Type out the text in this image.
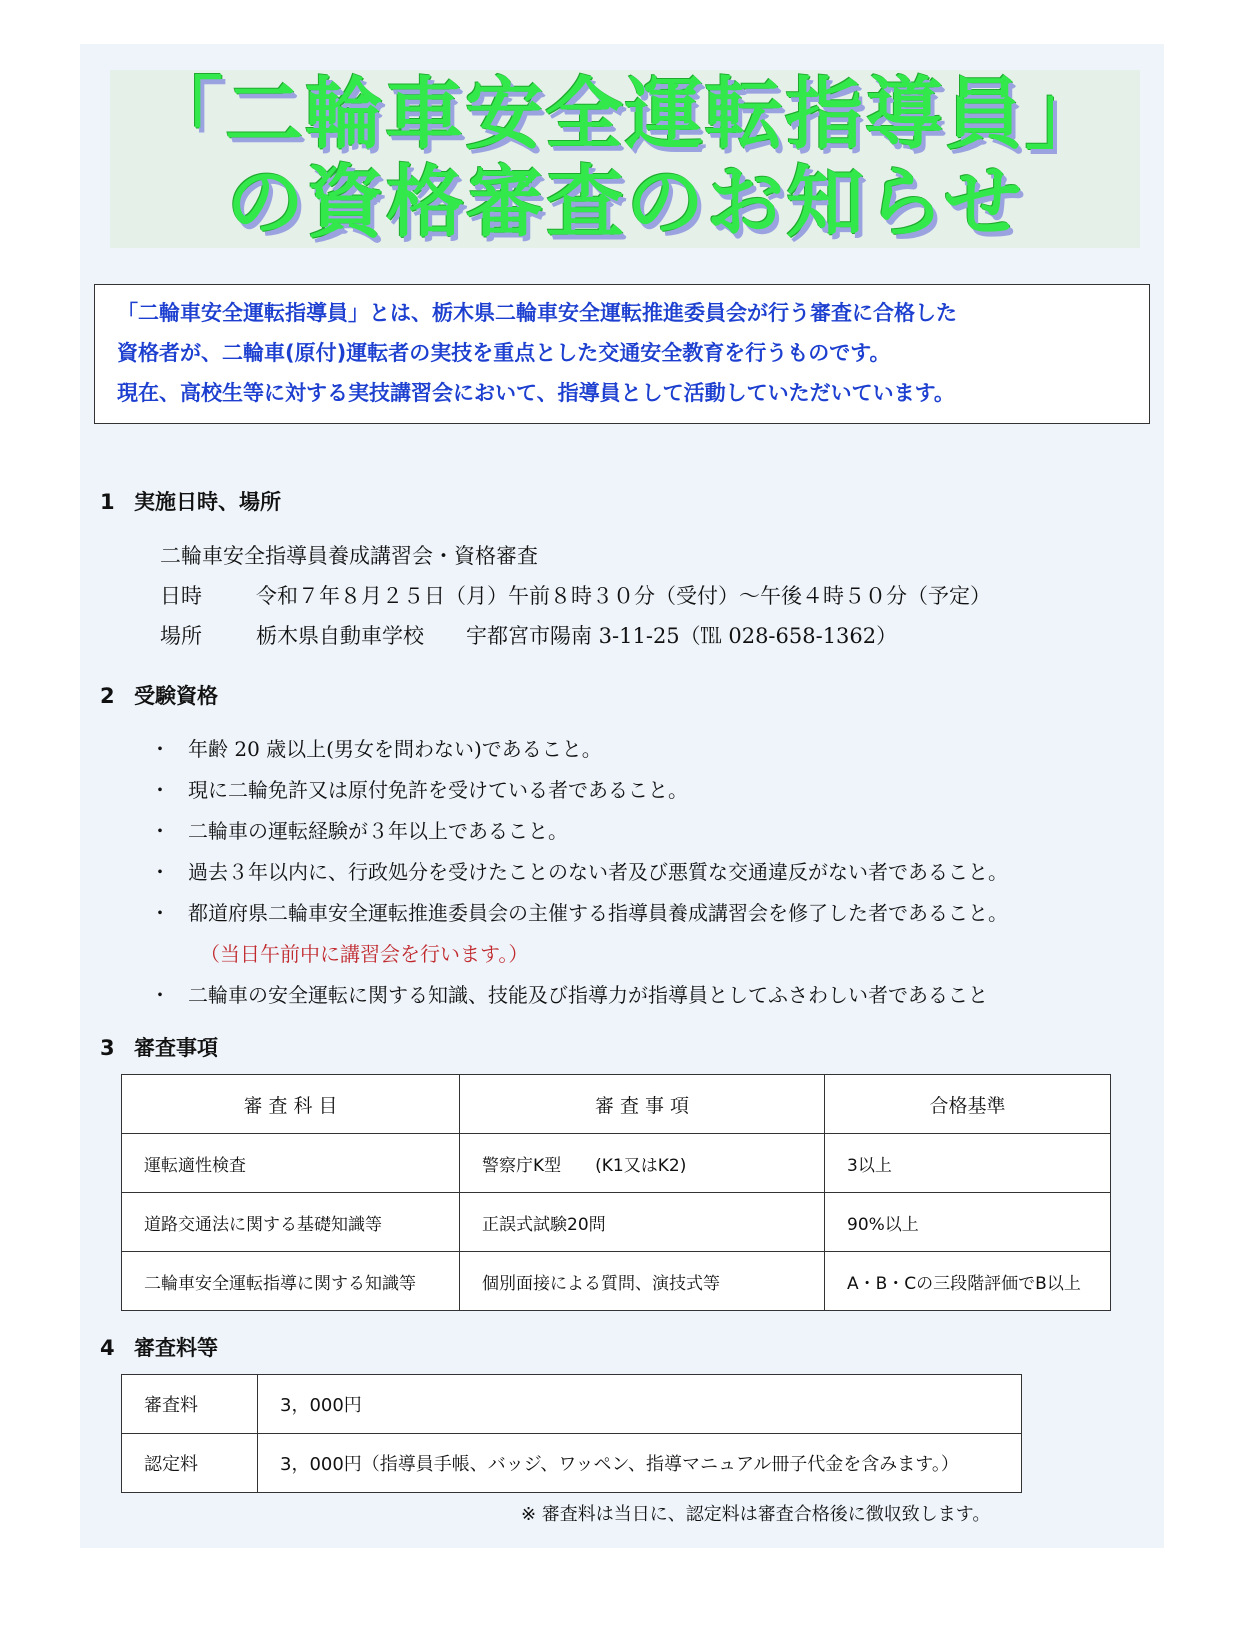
「二輪車安全運転指導員」
の資格審査のお知らせ
「二輪車安全運転指導員」とは、栃木県二輪車安全運転推進委員会が行う審査に合格した
資格者が、二輪車(原付)運転者の実技を重点とした交通安全教育を行うものです。
現在、高校生等に対する実技講習会において、指導員として活動していただいています。
1 実施日時、場所
二輪車安全指導員養成講習会・資格審査
日時	令和７年８月２５日（月）午前８時３０分（受付）～午後４時５０分（予定）
場所	栃木県自動車学校　　宇都宮市陽南 3-11-25（℡ 028-658-1362）
2 受験資格
・ 年齢 20 歳以上(男女を問わない)であること。
・ 現に二輪免許又は原付免許を受けている者であること。
・ 二輪車の運転経験が３年以上であること。
・ 過去３年以内に、行政処分を受けたことのない者及び悪質な交通違反がない者であること。
・ 都道府県二輪車安全運転推進委員会の主催する指導員養成講習会を修了した者であること。
（当日午前中に講習会を行います。）
・ 二輪車の安全運転に関する知識、技能及び指導力が指導員としてふさわしい者であること
3 審査事項
審 査 科 目	審 査 事 項	合格基準
運転適性検査	警察庁K型　　(K1又はK2)	3以上
道路交通法に関する基礎知識等	正誤式試験20問	90%以上
二輪車安全運転指導に関する知識等	個別面接による質問、演技式等	A・B・Cの三段階評価でB以上
4 審査料等
審査料	3，000円
認定料	3，000円（指導員手帳、バッジ、ワッペン、指導マニュアル冊子代金を含みます。）
※ 審査料は当日に、認定料は審査合格後に徴収致します。
